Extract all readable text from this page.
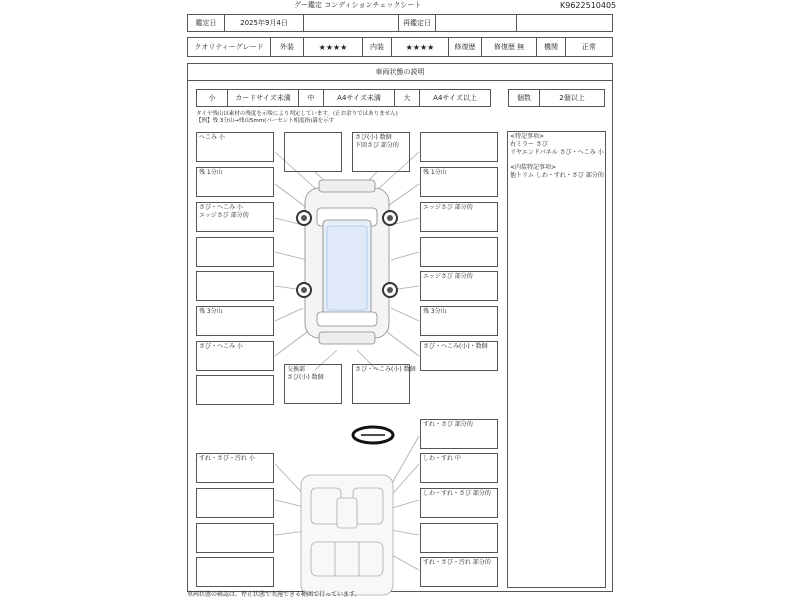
グー鑑定 コンディションチェックシート	K9622510405
鑑定日	2025年9月4日	再鑑定日
クオリティーグレード	外装	★★★★	内装	★★★★	修復歴	修復歴 無	機関	正常
車両状態の説明
小	カードサイズ未満	中	A4サイズ未満	大	A4サイズ以上	個数	2個以上
タイヤ残山は素材の残度を示唆により判定しています。(正お余りではありません)
【例】残 3分山→残山5mm(パーセント相度指)満を示す
<特記事項>
右ミラー さび
リヤエンドパネル さび・へこみ 小
<内装特記事項>
他トリム しわ・すれ・さび 部分的
へこみ 小	さび(小) 数個
下回さび 部分的
残 1分山
さび・へこみ 小
エッジさび 部分的
残 3分山
さび・へこみ 小
交換部
さび(小) 数個
さび・へこみ(小) 数個
すれ・さび・汚れ 小
残 1分山
エッジさび 部分的
エッジさび 部分的
残 3分山
さび・へこみ(小)・数個
すれ・さび 部分的
しわ・すれ 中
しわ・すれ・さび 部分的
すれ・さび・汚れ 部分的
車両状態の確認は、停止状態で実施できる範囲で行っています。
